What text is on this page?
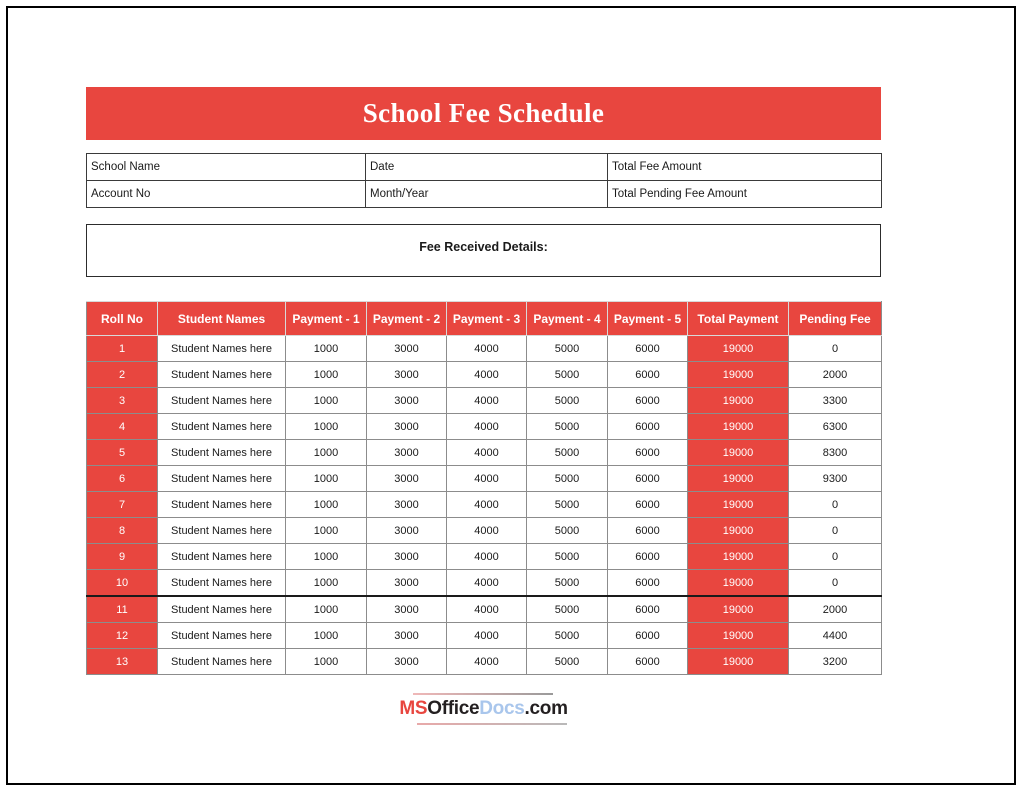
School Fee Schedule
School Name	Date	Total Fee Amount
Account No	Month/Year	Total Pending Fee Amount
Fee Received Details:
Roll No	Student Names	Payment - 1	Payment - 2	Payment - 3	Payment - 4	Payment - 5	Total Payment	Pending Fee
1	Student Names here	1000	3000	4000	5000	6000	19000	0
2	Student Names here	1000	3000	4000	5000	6000	19000	2000
3	Student Names here	1000	3000	4000	5000	6000	19000	3300
4	Student Names here	1000	3000	4000	5000	6000	19000	6300
5	Student Names here	1000	3000	4000	5000	6000	19000	8300
6	Student Names here	1000	3000	4000	5000	6000	19000	9300
7	Student Names here	1000	3000	4000	5000	6000	19000	0
8	Student Names here	1000	3000	4000	5000	6000	19000	0
9	Student Names here	1000	3000	4000	5000	6000	19000	0
10	Student Names here	1000	3000	4000	5000	6000	19000	0
11	Student Names here	1000	3000	4000	5000	6000	19000	2000
12	Student Names here	1000	3000	4000	5000	6000	19000	4400
13	Student Names here	1000	3000	4000	5000	6000	19000	3200
MSOfficeDocs.com
